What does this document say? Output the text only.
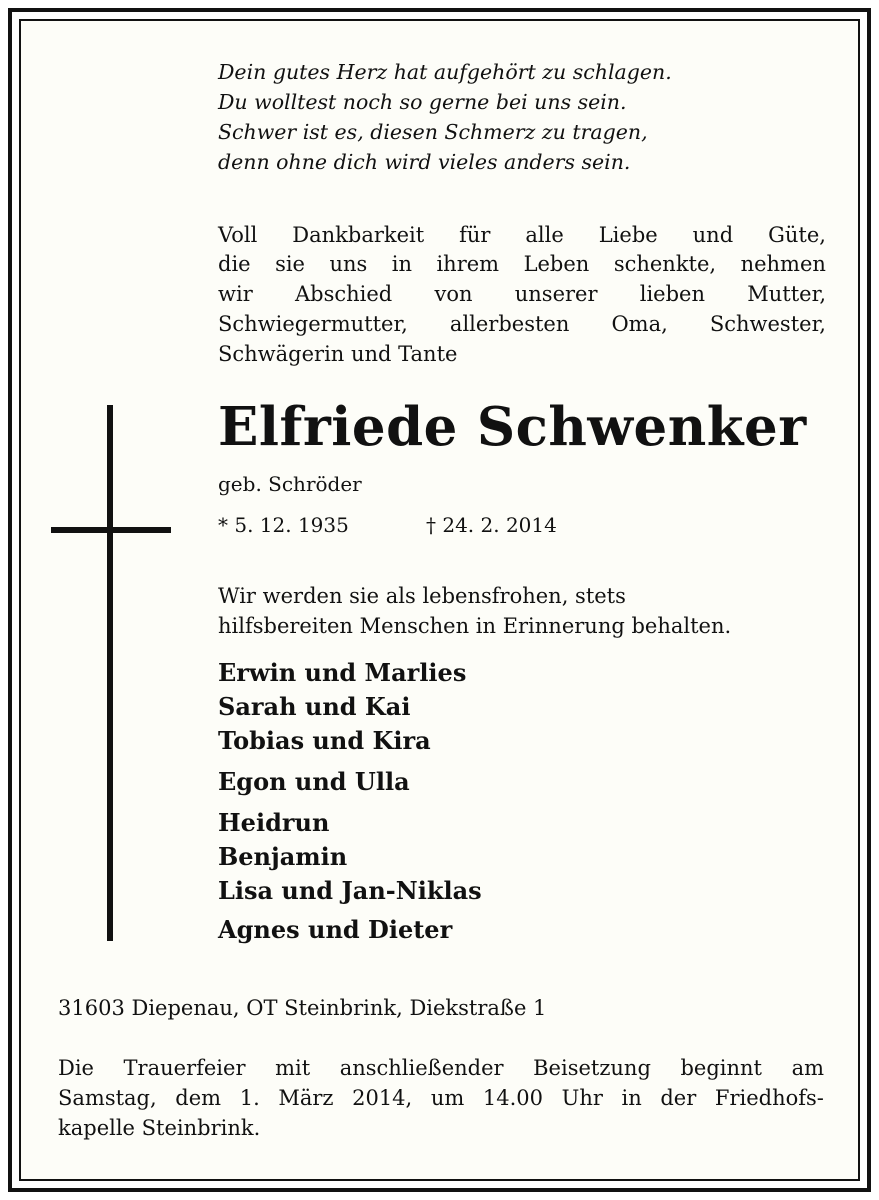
Dein gutes Herz hat aufgehört zu schlagen.
Du wolltest noch so gerne bei uns sein.
Schwer ist es, diesen Schmerz zu tragen,
denn ohne dich wird vieles anders sein.
Voll Dankbarkeit für alle Liebe und Güte,
die sie uns in ihrem Leben schenkte, nehmen
wir Abschied von unserer lieben Mutter,
Schwiegermutter, allerbesten Oma, Schwester,
Schwägerin und Tante
Elfriede Schwenker
geb. Schröder
* 5. 12. 1935	† 24. 2. 2014
Wir werden sie als lebensfrohen, stets
hilfsbereiten Menschen in Erinnerung behalten.
Erwin und Marlies
Sarah und Kai
Tobias und Kira
Egon und Ulla
Heidrun
Benjamin
Lisa und Jan-Niklas
Agnes und Dieter
31603 Diepenau, OT Steinbrink, Diekstraße 1
Die Trauerfeier mit anschließender Beisetzung beginnt am
Samstag, dem 1. März 2014, um 14.00 Uhr in der Friedhofs-
kapelle Steinbrink.
